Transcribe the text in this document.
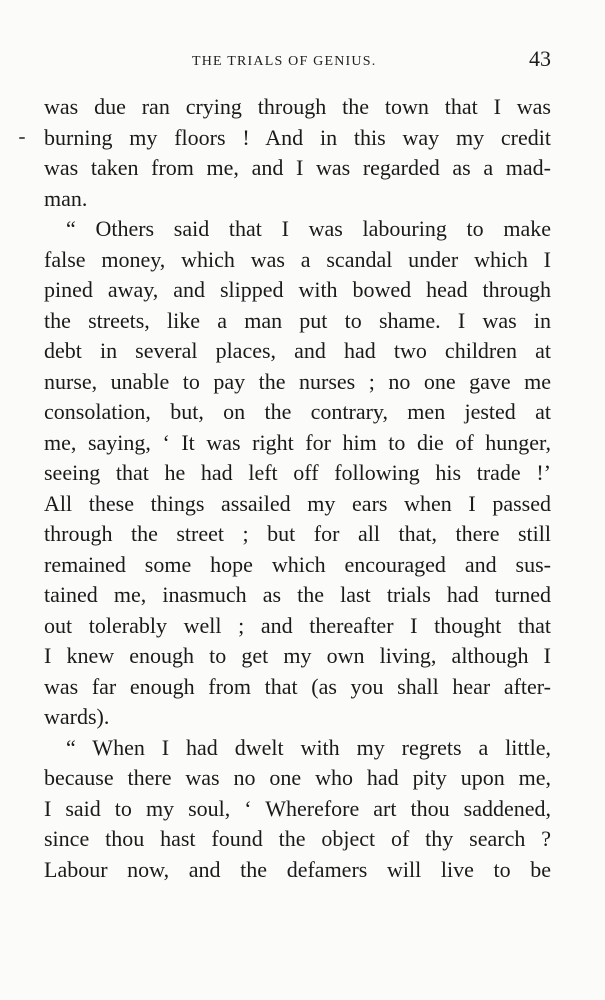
THE TRIALS OF GENIUS.	43
was due ran crying through the town that I was
burning my floors ! And in this way my credit
was taken from me, and I was regarded as a mad-
man.
“ Others said that I was labouring to make
false money, which was a scandal under which I
pined away, and slipped with bowed head through
the streets, like a man put to shame. I was in
debt in several places, and had two children at
nurse, unable to pay the nurses ; no one gave me
consolation, but, on the contrary, men jested at
me, saying, ‘ It was right for him to die of hunger,
seeing that he had left off following his trade !’
All these things assailed my ears when I passed
through the street ; but for all that, there still
remained some hope which encouraged and sus-
tained me, inasmuch as the last trials had turned
out tolerably well ; and thereafter I thought that
I knew enough to get my own living, although I
was far enough from that (as you shall hear after-
wards).
“ When I had dwelt with my regrets a little,
because there was no one who had pity upon me,
I said to my soul, ‘ Wherefore art thou saddened,
since thou hast found the object of thy search ?
Labour now, and the defamers will live to be
